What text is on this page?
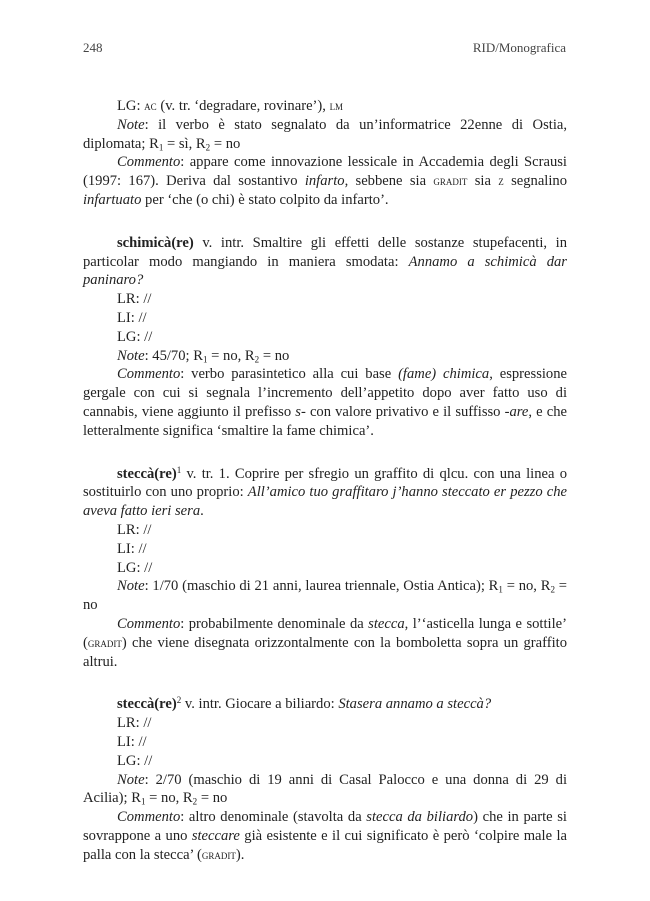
248	RID/Monografica

LG: ac (v. tr. ‘degradare, rovinare’), lm

Note: il verbo è stato segnalato da un’informatrice 22enne di Ostia, diplomata; $R_1$ = sì, $R_2$ = no

Commento: appare come innovazione lessicale in Accademia degli Scrausi (1997: 167). Deriva dal sostantivo infarto, sebbene sia gradit sia z segnalino infartuato per ‘che (o chi) è stato colpito da infarto’.

schimicà(re) v. intr. Smaltire gli effetti delle sostanze stupefacenti, in particolar modo mangiando in maniera smodata: Annamo a schimicà dar paninaro?

LR: //

LI: //

LG: //

Note: 45/70; $R_1$ = no, $R_2$ = no

Commento: verbo parasintetico alla cui base (fame) chimica, espressione gergale con cui si segnala l’incremento dell’appetito dopo aver fatto uso di cannabis, viene aggiunto il prefisso s- con valore privativo e il suffisso -are, e che letteralmente significa ‘smaltire la fame chimica’.

steccà(re)$^1$ v. tr. 1. Coprire per sfregio un graffito di qlcu. con una linea o sostituirlo con uno proprio: All’amico tuo graffitaro j’hanno steccato er pezzo che aveva fatto ieri sera.

LR: //

LI: //

LG: //

Note: 1/70 (maschio di 21 anni, laurea triennale, Ostia Antica); $R_1$ = no, $R_2$ = no

Commento: probabilmente denominale da stecca, l’‘asticella lunga e sottile’ (gradit) che viene disegnata orizzontalmente con la bomboletta sopra un graffito altrui.

steccà(re)$^2$ v. intr. Giocare a biliardo: Stasera annamo a steccà?

LR: //

LI: //

LG: //

Note: 2/70 (maschio di 19 anni di Casal Palocco e una donna di 29 di Acilia); $R_1$ = no, $R_2$ = no

Commento: altro denominale (stavolta da stecca da biliardo) che in parte si sovrappone a uno steccare già esistente e il cui significato è però ‘colpire male la palla con la stecca’ (gradit).
